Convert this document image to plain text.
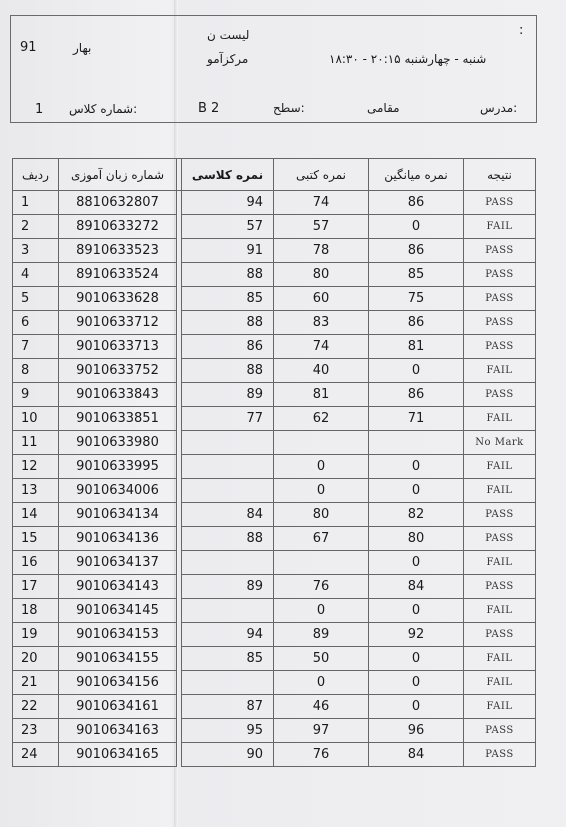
:
لیست ن
مرکزآمو	شنبه - چهارشنبه ۲۰:۱۵ - ۱۸:۳۰
91	بهار
1 شماره کلاس:	B 2	سطح:	مقامی	مدرس:
ردیف	شماره زبان آموزی		نمره کلاسی	نمره کتبی	نمره میانگین	نتیجه
1	8810632807		94	74	86	PASS
2	8910633272		57	57	0	FAIL
3	8910633523		91	78	86	PASS
4	8910633524		88	80	85	PASS
5	9010633628		85	60	75	PASS
6	9010633712		88	83	86	PASS
7	9010633713		86	74	81	PASS
8	9010633752		88	40	0	FAIL
9	9010633843		89	81	86	PASS
10	9010633851		77	62	71	FAIL
11	9010633980					No Mark
12	9010633995			0	0	FAIL
13	9010634006			0	0	FAIL
14	9010634134		84	80	82	PASS
15	9010634136		88	67	80	PASS
16	9010634137				0	FAIL
17	9010634143		89	76	84	PASS
18	9010634145			0	0	FAIL
19	9010634153		94	89	92	PASS
20	9010634155		85	50	0	FAIL
21	9010634156			0	0	FAIL
22	9010634161		87	46	0	FAIL
23	9010634163		95	97	96	PASS
24	9010634165		90	76	84	PASS
